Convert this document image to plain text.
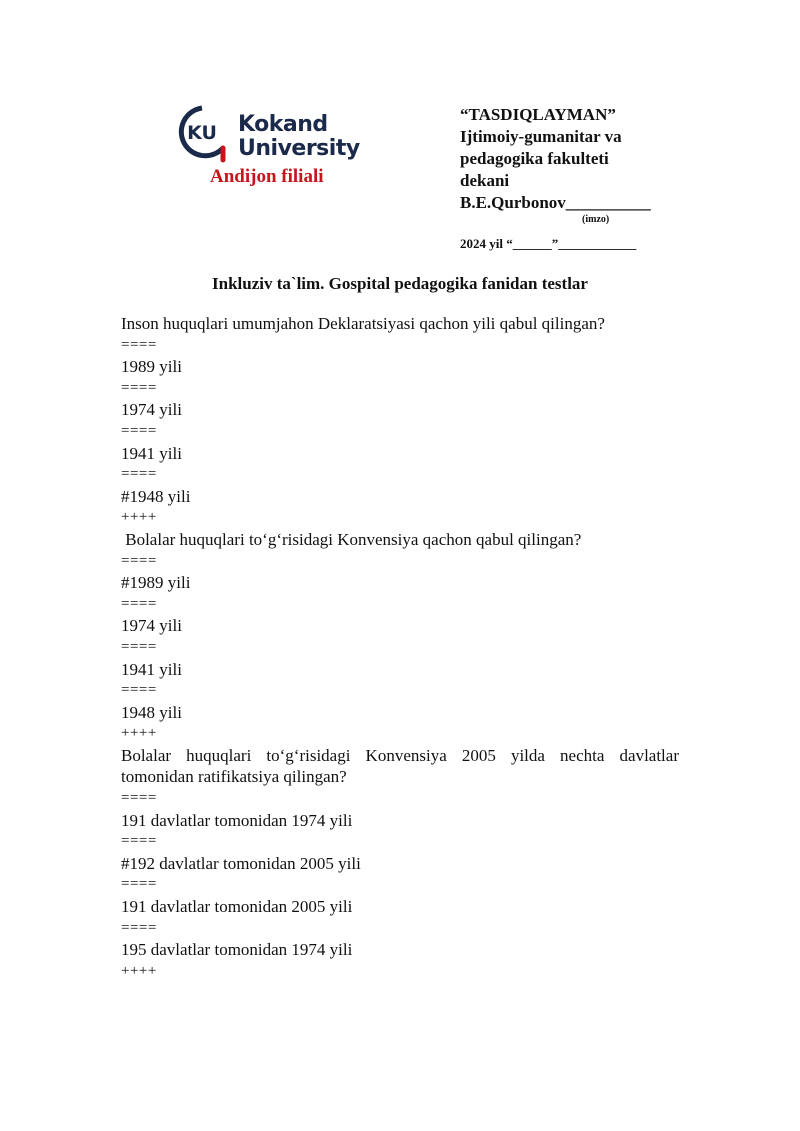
KU Kokand
University
Andijon filiali
“TASDIQLAYMAN”
Ijtimoiy-gumanitar va
pedagogika fakulteti
dekani
B.E.Qurbonov__________
(imzo)
2024 yil “______”____________
Inkluziv ta`lim. Gospital pedagogika fanidan testlar
Inson huquqlari umumjahon Deklaratsiyasi qachon yili qabul qilingan?
====
1989 yili
====
1974 yili
====
1941 yili
====
#1948 yili
++++
Bolalar huquqlari to‘g‘risidagi Konvensiya qachon qabul qilingan?
====
#1989 yili
====
1974 yili
====
1941 yili
====
1948 yili
++++
Bolalar huquqlari to‘g‘risidagi Konvensiya 2005 yilda nechta davlatlar tomonidan ratifikatsiya qilingan?
====
191 davlatlar tomonidan 1974 yili
====
#192 davlatlar tomonidan 2005 yili
====
191 davlatlar tomonidan 2005 yili
====
195 davlatlar tomonidan 1974 yili
++++
